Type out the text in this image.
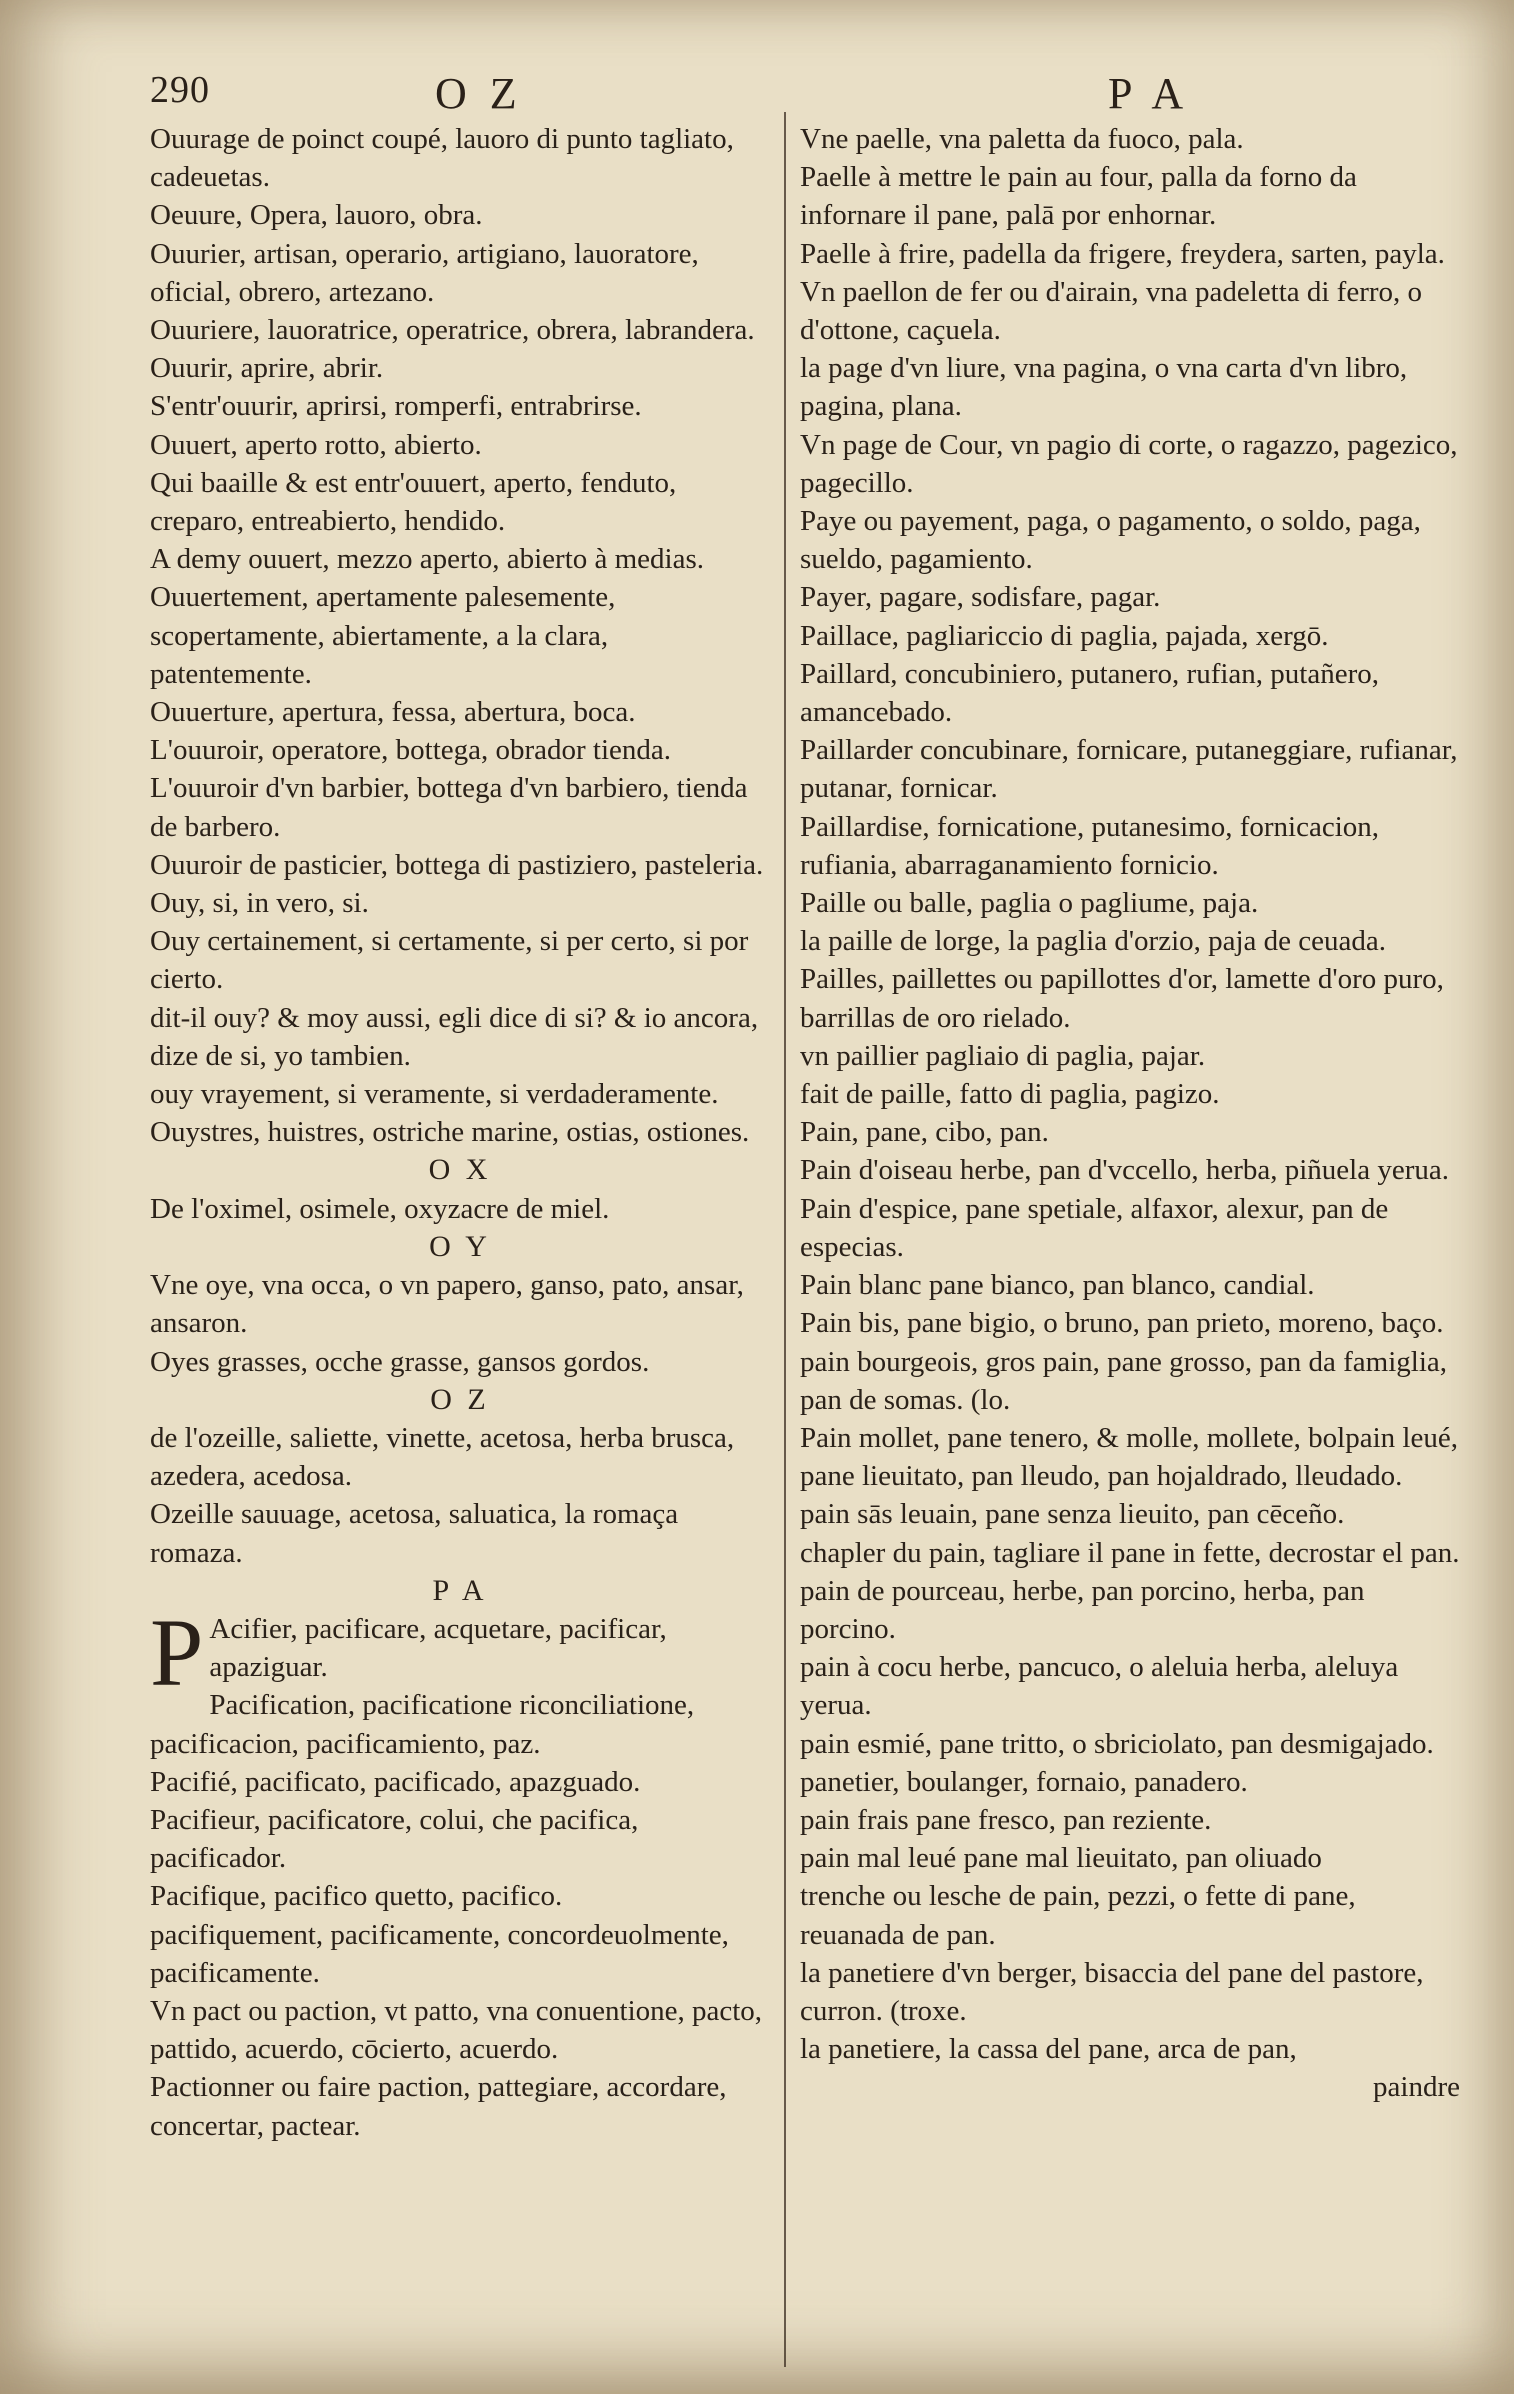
290	O Z	P A
Ouurage de poinct coupé, lauoro di punto tagliato, cadeuetas.
Oeuure, Opera, lauoro, obra.
Ouurier, artisan, operario, artigiano, lauoratore, oficial, obrero, artezano.
Ouuriere, lauoratrice, operatrice, obrera, labrandera.
Ouurir, aprire, abrir.
S'entr'ouurir, aprirsi, romperfi, entrabrirse.
Ouuert, aperto rotto, abierto.
Qui baaille & est entr'ouuert, aperto, fenduto, creparo, entreabierto, hendido.
A demy ouuert, mezzo aperto, abierto à medias.
Ouuertement, apertamente palesemente, scopertamente, abiertamente, a la clara, patentemente.
Ouuerture, apertura, fessa, abertura, boca.
L'ouuroir, operatore, bottega, obrador tienda.
L'ouuroir d'vn barbier, bottega d'vn barbiero, tienda de barbero.
Ouuroir de pasticier, bottega di pastiziero, pasteleria.
Ouy, si, in vero, si.
Ouy certainement, si certamente, si per certo, si por cierto.
dit-il ouy? & moy aussi, egli dice di si? & io ancora, dize de si, yo tambien.
ouy vrayement, si veramente, si verdaderamente.
Ouystres, huistres, ostriche marine, ostias, ostiones.
O X
De l'oximel, osimele, oxyzacre de miel.
O Y
Vne oye, vna occa, o vn papero, ganso, pato, ansar, ansaron.
Oyes grasses, ocche grasse, gansos gordos.
O Z
de l'ozeille, saliette, vinette, acetosa, herba brusca, azedera, acedosa.
Ozeille sauuage, acetosa, saluatica, la romaça romaza.
P A
P Acifier, pacificare, acquetare, pacificar, apaziguar.
Pacification, pacificatione riconciliatione, pacificacion, pacificamiento, paz.
Pacifié, pacificato, pacificado, apazguado.
Pacifieur, pacificatore, colui, che pacifica, pacificador.
Pacifique, pacifico quetto, pacifico.
pacifiquement, pacificamente, concordeuolmente, pacificamente.
Vn pact ou paction, vt patto, vna conuentione, pacto, pattido, acuerdo, cōcierto, acuerdo.
Pactionner ou faire paction, pattegiare, accordare, concertar, pactear.
Vne paelle, vna paletta da fuoco, pala.
Paelle à mettre le pain au four, palla da forno da infornare il pane, palā por enhornar.
Paelle à frire, padella da frigere, freydera, sarten, payla.
Vn paellon de fer ou d'airain, vna padeletta di ferro, o d'ottone, caçuela.
la page d'vn liure, vna pagina, o vna carta d'vn libro, pagina, plana.
Vn page de Cour, vn pagio di corte, o ragazzo, pagezico, pagecillo.
Paye ou payement, paga, o pagamento, o soldo, paga, sueldo, pagamiento.
Payer, pagare, sodisfare, pagar.
Paillace, pagliariccio di paglia, pajada, xergō.
Paillard, concubiniero, putanero, rufian, putañero, amancebado.
Paillarder concubinare, fornicare, putaneggiare, rufianar, putanar, fornicar.
Paillardise, fornicatione, putanesimo, fornicacion, rufiania, abarraganamiento fornicio.
Paille ou balle, paglia o pagliume, paja.
la paille de lorge, la paglia d'orzio, paja de ceuada.
Pailles, paillettes ou papillottes d'or, lamette d'oro puro, barrillas de oro rielado.
vn paillier pagliaio di paglia, pajar.
fait de paille, fatto di paglia, pagizo.
Pain, pane, cibo, pan.
Pain d'oiseau herbe, pan d'vccello, herba, piñuela yerua.
Pain d'espice, pane spetiale, alfaxor, alexur, pan de especias.
Pain blanc pane bianco, pan blanco, candial.
Pain bis, pane bigio, o bruno, pan prieto, moreno, baço.
pain bourgeois, gros pain, pane grosso, pan da famiglia, pan de somas. (lo.
Pain mollet, pane tenero, & molle, mollete, bolpain leué, pane lieuitato, pan lleudo, pan hojaldrado, lleudado.
pain sās leuain, pane senza lieuito, pan cēceño.
chapler du pain, tagliare il pane in fette, decrostar el pan.
pain de pourceau, herbe, pan porcino, herba, pan porcino.
pain à cocu herbe, pancuco, o aleluia herba, aleluya yerua.
pain esmié, pane tritto, o sbriciolato, pan desmigajado.
panetier, boulanger, fornaio, panadero.
pain frais pane fresco, pan reziente.
pain mal leué pane mal lieuitato, pan oliuado
trenche ou lesche de pain, pezzi, o fette di pane, reuanada de pan.
la panetiere d'vn berger, bisaccia del pane del pastore, curron. (troxe.
la panetiere, la cassa del pane, arca de pan,
paindre
